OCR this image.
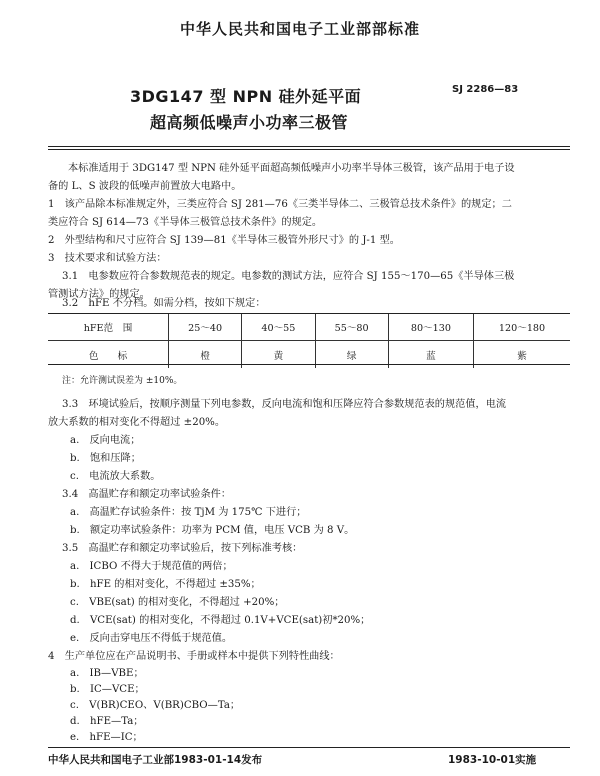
中华人民共和国电子工业部部标准
3DG147 型 NPN 硅外延平面	SJ 2286—83
超高频低噪声小功率三极管
本标准适用于 3DG147 型 NPN 硅外延平面超高频低噪声小功率半导体三极管，该产品用于电子设
备的 L、S 波段的低噪声前置放大电路中。
1　该产品除本标准规定外，三类应符合 SJ 281—76《三类半导体二、三极管总技术条件》的规定；二
类应符合 SJ 614—73《半导体三极管总技术条件》的规定。
2　外型结构和尺寸应符合 SJ 139—81《半导体三极管外形尺寸》的 J-1 型。
3　技术要求和试验方法：
3.1　电参数应符合参数规范表的规定。电参数的测试方法，应符合 SJ 155～170—65《半导体三极
管测试方法》的规定。
3.2　hFE 不分档。如需分档，按如下规定：
hFE范　围	25～40	40～55	55～80	80～130	120～180
色　　标	橙	黄	绿	蓝	紫
注：允许测试误差为 ±10%。
3.3　环境试验后，按顺序测量下列电参数，反向电流和饱和压降应符合参数规范表的规范值，电流
放大系数的相对变化不得超过 ±20%。
a.　反向电流；
b.　饱和压降；
c.　电流放大系数。
3.4　高温贮存和额定功率试验条件：
a.　高温贮存试验条件：按 TjM 为 175℃ 下进行；
b.　额定功率试验条件：功率为 PCM 值，电压 VCB 为 8 V。
3.5　高温贮存和额定功率试验后，按下列标准考核：
a.　ICBO 不得大于规范值的两倍；
b.　hFE 的相对变化，不得超过 ±35%；
c.　VBE(sat) 的相对变化，不得超过 +20%；
d.　VCE(sat) 的相对变化，不得超过 0.1V+VCE(sat)初*20%；
e.　反向击穿电压不得低于规范值。
4　生产单位应在产品说明书、手册或样本中提供下列特性曲线：
a.　IB—VBE；
b.　IC—VCE；
c.　V(BR)CEO、V(BR)CBO—Ta；
d.　hFE—Ta；
e.　hFE—IC；
中华人民共和国电子工业部1983-01-14发布	1983-10-01实施
